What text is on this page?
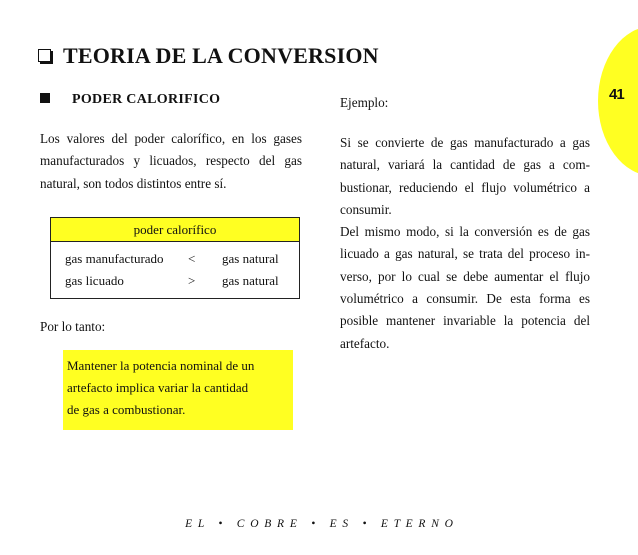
41
TEORIA DE LA CONVERSION
PODER CALORIFICO	Ejemplo:
Los valores del poder calorífico, en los gases manufacturados y licuados, respecto del gas natural, son todos distintos entre sí.
poder calorífico
gas manufacturado < gas natural
gas licuado	> gas natural
Por lo tanto:
Mantener la potencia nominal de un
artefacto implica variar la cantidad
de gas a combustionar.
Si se convierte de gas manufacturado a gas
natural, variará la cantidad de gas a com-
bustionar, reduciendo el flujo volumétrico a
consumir.
Del mismo modo, si la conversión es de gas
licuado a gas natural, se trata del proceso in-
verso, por lo cual se debe aumentar el flujo
volumétrico a consumir. De esta forma es
posible mantener invariable la potencia del
artefacto.
E  L     •     C  O  B  R  E     •     E  S     •     E  T  E  R  N  O
